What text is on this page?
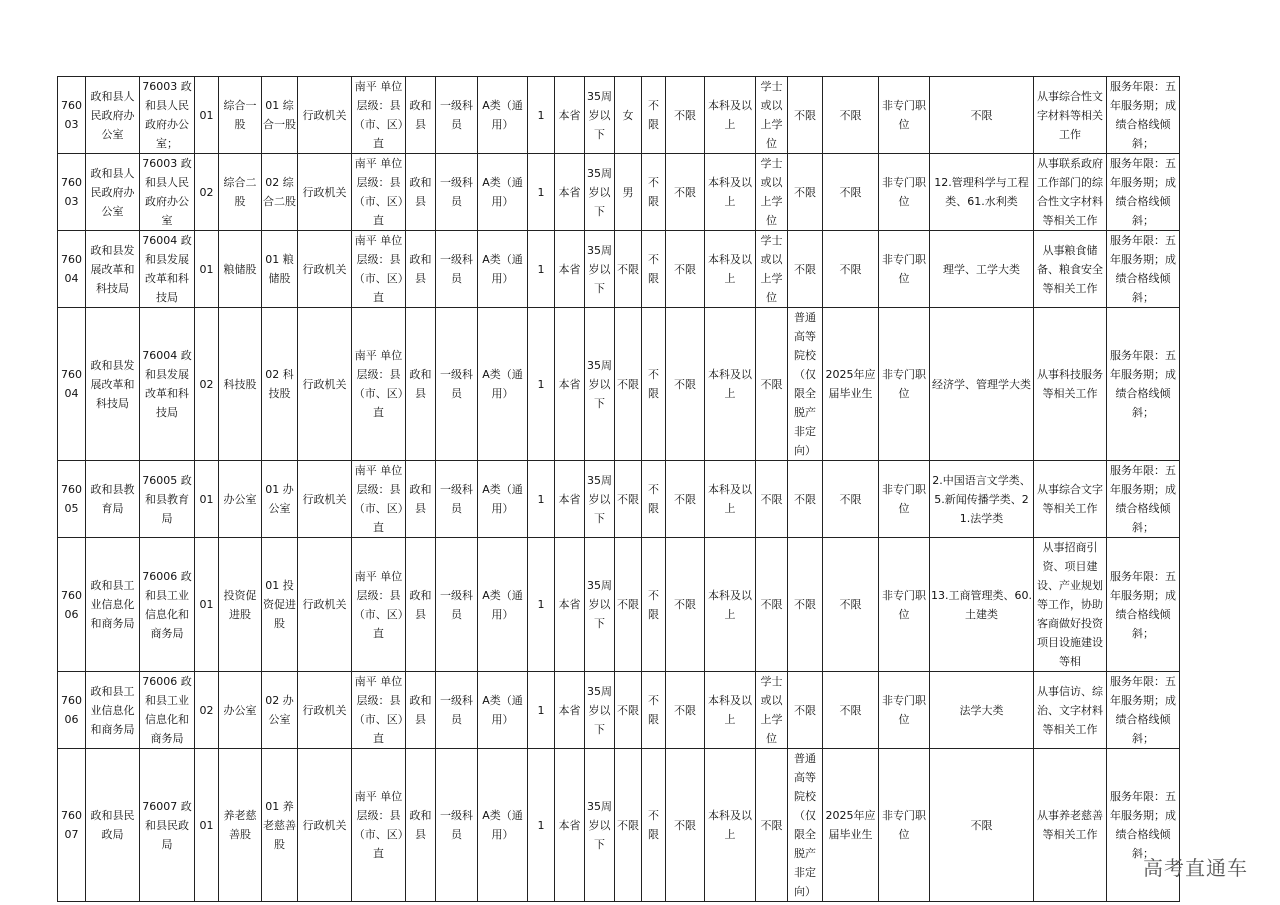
76003	政和县人民政府办公室	76003 政和县人民政府办公室；	01	综合一股	01 综合一股	行政机关	南平 单位层级：县（市、区）直	政和县	一级科员	A类（通用）	1	本省	35周岁以下	女	不限	不限	本科及以上	学士或以上学位	不限	不限	非专门职位	不限	从事综合性文字材料等相关工作	服务年限：五年服务期；成绩合格线倾斜；
76003	政和县人民政府办公室	76003 政和县人民政府办公室	02	综合二股	02 综合二股	行政机关	南平 单位层级：县（市、区）直	政和县	一级科员	A类（通用）	1	本省	35周岁以下	男	不限	不限	本科及以上	学士或以上学位	不限	不限	非专门职位	12.管理科学与工程类、61.水利类	从事联系政府工作部门的综合性文字材料等相关工作	服务年限：五年服务期；成绩合格线倾斜；
76004	政和县发展改革和科技局	76004 政和县发展改革和科技局	01	粮储股	01 粮储股	行政机关	南平 单位层级：县（市、区）直	政和县	一级科员	A类（通用）	1	本省	35周岁以下	不限	不限	不限	本科及以上	学士或以上学位	不限	不限	非专门职位	理学、工学大类	从事粮食储备、粮食安全等相关工作	服务年限：五年服务期；成绩合格线倾斜；
76004	政和县发展改革和科技局	76004 政和县发展改革和科技局	02	科技股	02 科技股	行政机关	南平 单位层级：县（市、区）直	政和县	一级科员	A类（通用）	1	本省	35周岁以下	不限	不限	不限	本科及以上	不限	普通高等院校（仅限全脱产非定向）	2025年应届毕业生	非专门职位	经济学、管理学大类	从事科技服务等相关工作	服务年限：五年服务期；成绩合格线倾斜；
76005	政和县教育局	76005 政和县教育局	01	办公室	01 办公室	行政机关	南平 单位层级：县（市、区）直	政和县	一级科员	A类（通用）	1	本省	35周岁以下	不限	不限	不限	本科及以上	不限	不限	不限	非专门职位	2.中国语言文学类、5.新闻传播学类、21.法学类	从事综合文字等相关工作	服务年限：五年服务期；成绩合格线倾斜；
76006	政和县工业信息化和商务局	76006 政和县工业信息化和商务局	01	投资促进股	01 投资促进股	行政机关	南平 单位层级：县（市、区）直	政和县	一级科员	A类（通用）	1	本省	35周岁以下	不限	不限	不限	本科及以上	不限	不限	不限	非专门职位	13.工商管理类、60.土建类	从事招商引资、项目建设、产业规划等工作，协助客商做好投资项目设施建设等相	服务年限：五年服务期；成绩合格线倾斜；
76006	政和县工业信息化和商务局	76006 政和县工业信息化和商务局	02	办公室	02 办公室	行政机关	南平 单位层级：县（市、区）直	政和县	一级科员	A类（通用）	1	本省	35周岁以下	不限	不限	不限	本科及以上	学士或以上学位	不限	不限	非专门职位	法学大类	从事信访、综治、文字材料等相关工作	服务年限：五年服务期；成绩合格线倾斜；
76007	政和县民政局	76007 政和县民政局	01	养老慈善股	01 养老慈善股	行政机关	南平 单位层级：县（市、区）直	政和县	一级科员	A类（通用）	1	本省	35周岁以下	不限	不限	不限	本科及以上	不限	普通高等院校（仅限全脱产非定向）	2025年应届毕业生	非专门职位	不限	从事养老慈善等相关工作	服务年限：五年服务期；成绩合格线倾斜；
高考直通车
